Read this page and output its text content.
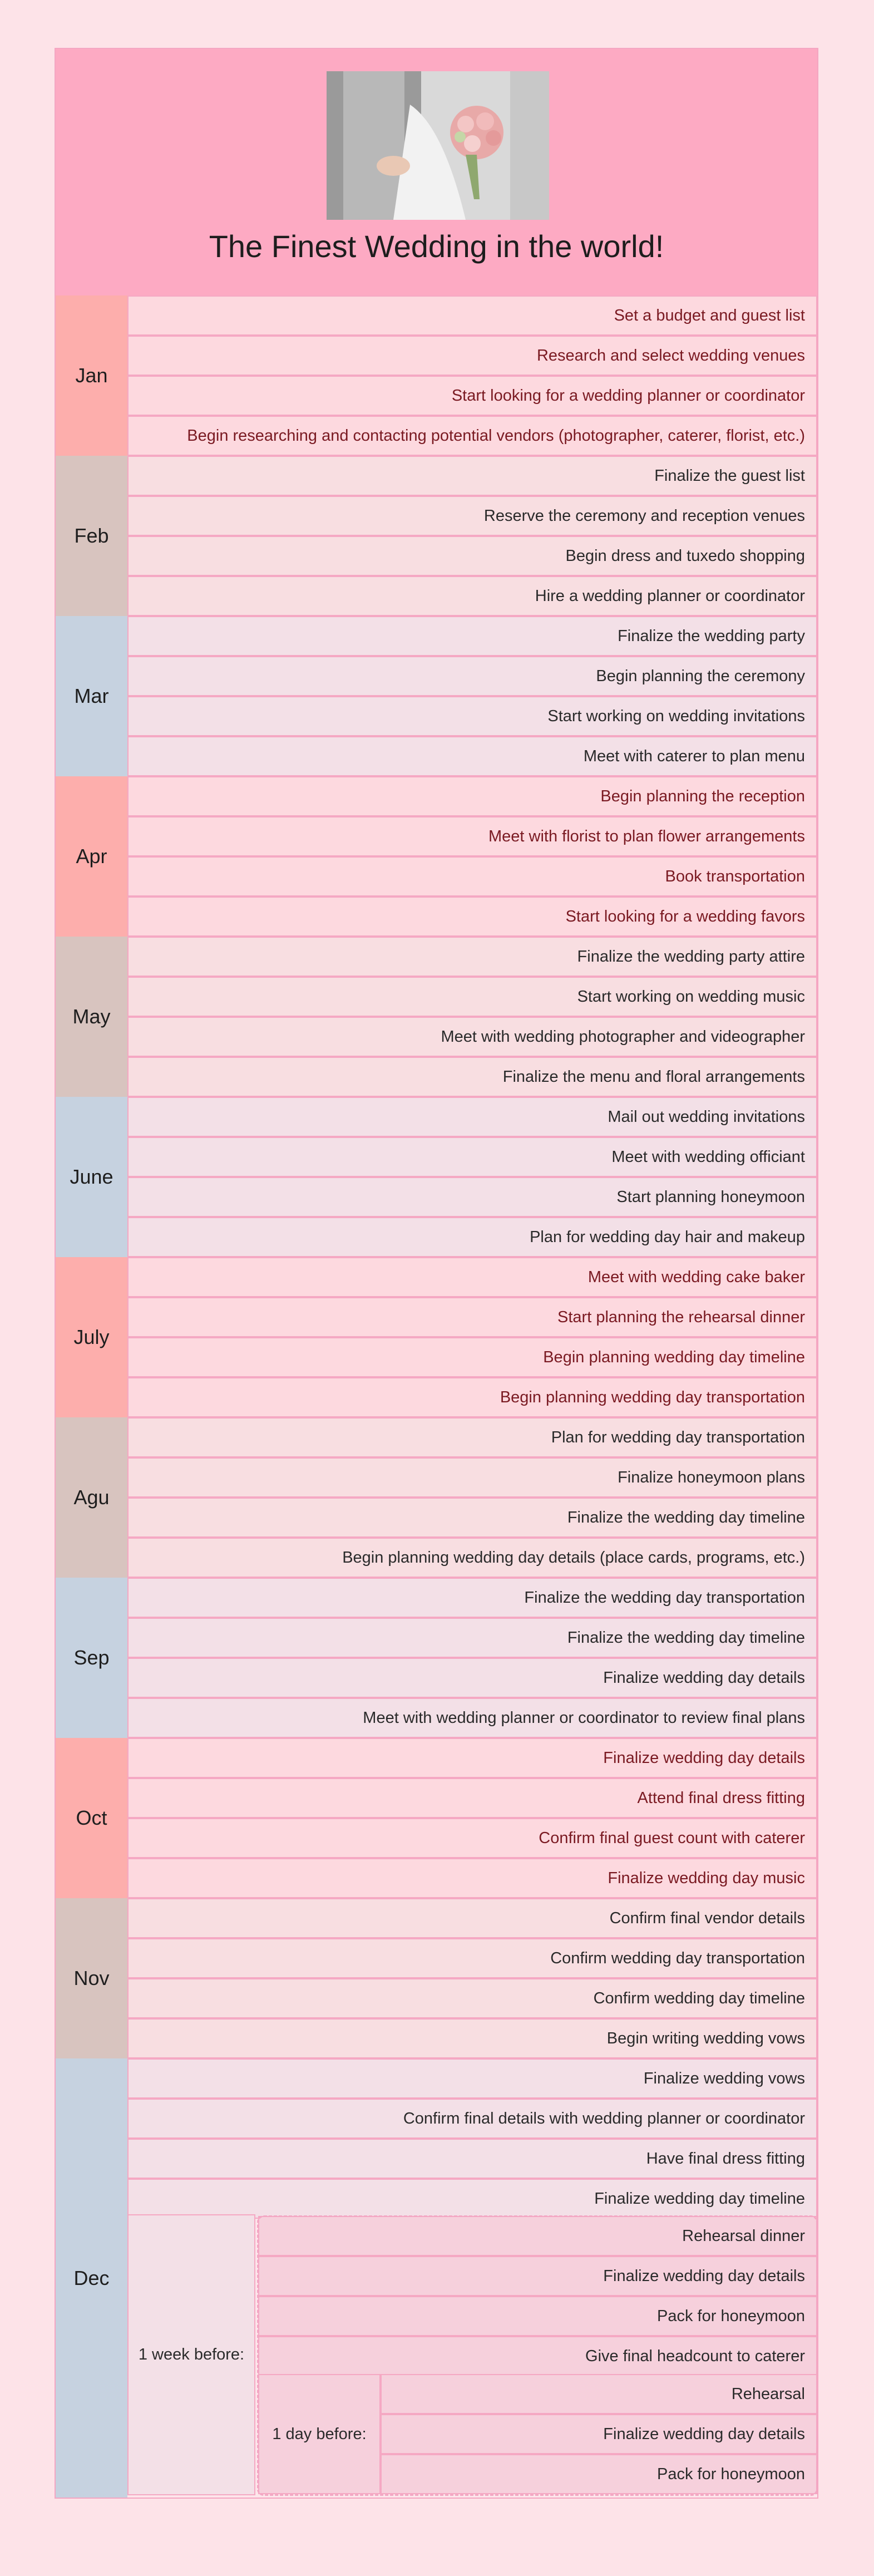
The Finest Wedding in the world!
Jan
Set a budget and guest list
Research and select wedding venues
Start looking for a wedding planner or coordinator
Begin researching and contacting potential vendors (photographer, caterer, florist, etc.)
Feb
Finalize the guest list
Reserve the ceremony and reception venues
Begin dress and tuxedo shopping
Hire a wedding planner or coordinator
Mar
Finalize the wedding party
Begin planning the ceremony
Start working on wedding invitations
Meet with caterer to plan menu
Apr
Begin planning the reception
Meet with florist to plan flower arrangements
Book transportation
Start looking for a wedding favors
May
Finalize the wedding party attire
Start working on wedding music
Meet with wedding photographer and videographer
Finalize the menu and floral arrangements
June
Mail out wedding invitations
Meet with wedding officiant
Start planning honeymoon
Plan for wedding day hair and makeup
July
Meet with wedding cake baker
Start planning the rehearsal dinner
Begin planning wedding day timeline
Begin planning wedding day transportation
Agu
Plan for wedding day transportation
Finalize honeymoon plans
Finalize the wedding day timeline
Begin planning wedding day details (place cards, programs, etc.)
Sep
Finalize the wedding day transportation
Finalize the wedding day timeline
Finalize wedding day details
Meet with wedding planner or coordinator to review final plans
Oct
Finalize wedding day details
Attend final dress fitting
Confirm final guest count with caterer
Finalize wedding day music
Nov
Confirm final vendor details
Confirm wedding day transportation
Confirm wedding day timeline
Begin writing wedding vows
Dec
Finalize wedding vows
Confirm final details with wedding planner or coordinator
Have final dress fitting
Finalize wedding day timeline
1 week before:
Rehearsal dinner
Finalize wedding day details
Pack for honeymoon
Give final headcount to caterer
1 day before:
Rehearsal
Finalize wedding day details
Pack for honeymoon
